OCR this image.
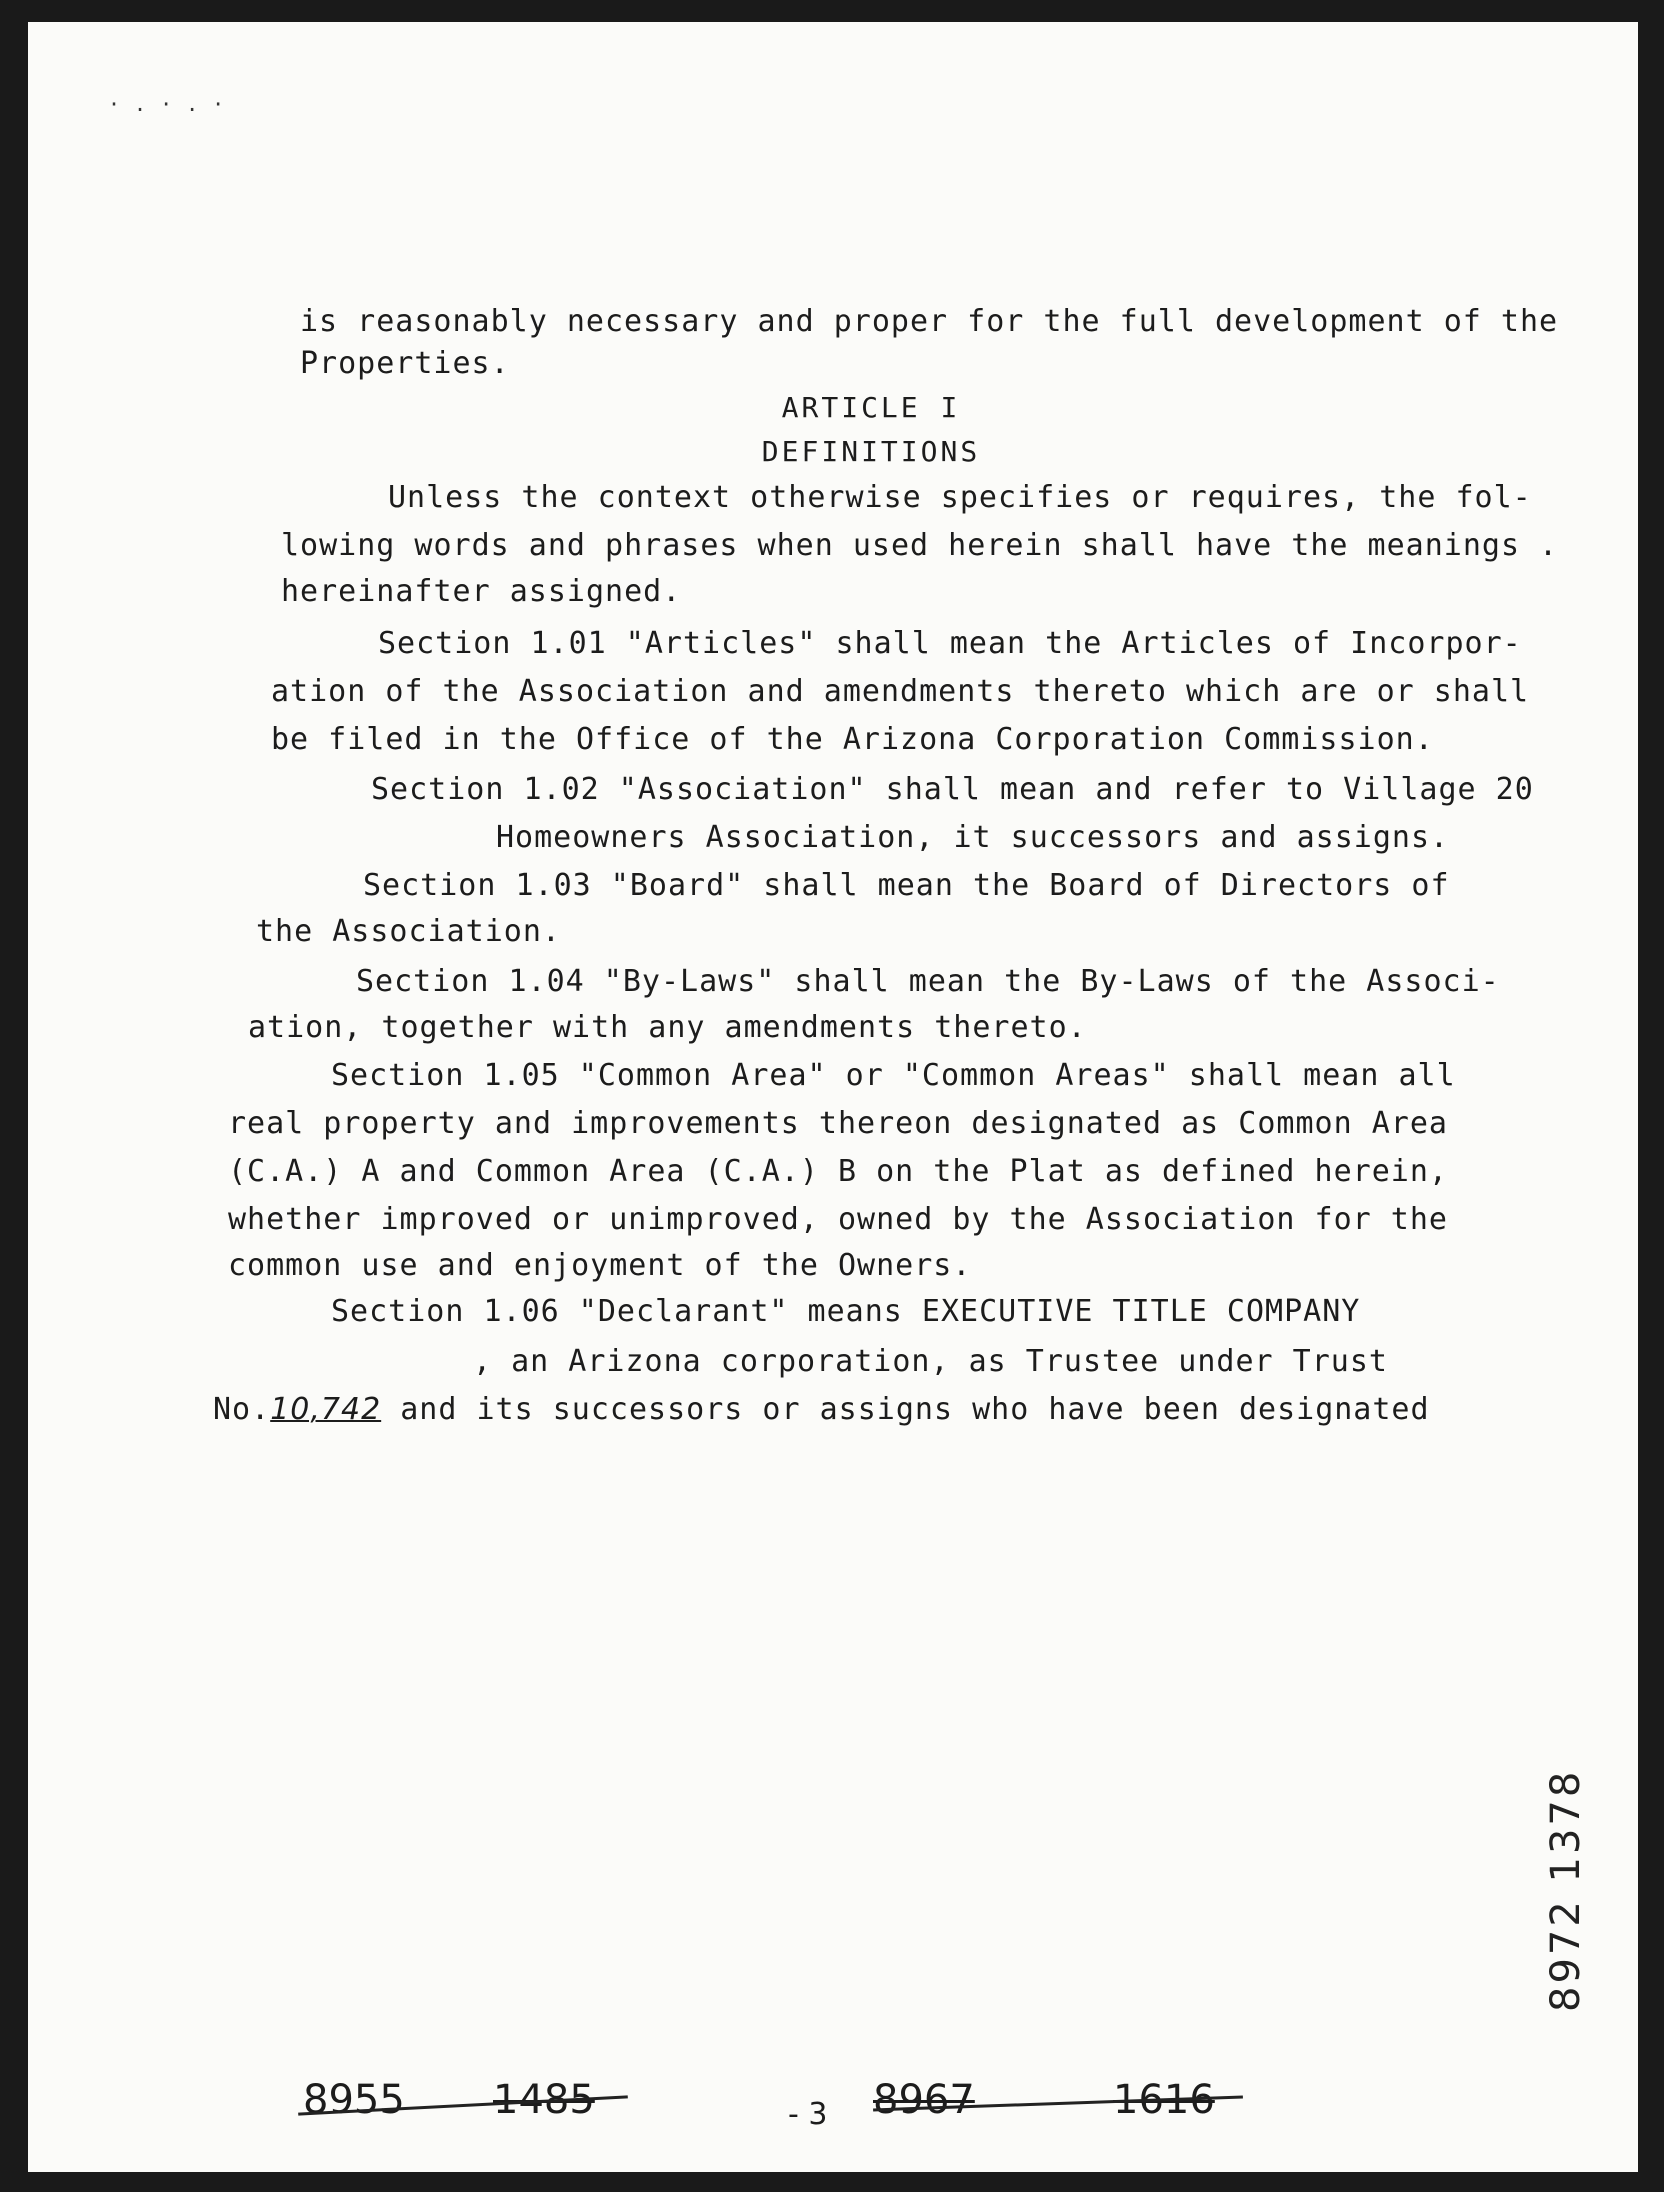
·.·.·
is reasonably necessary and proper for the full development of the
Properties.
ARTICLE I
DEFINITIONS
Unless the context otherwise specifies or requires, the fol-
lowing words and phrases when used herein shall have the meanings .
hereinafter assigned.
Section 1.01 "Articles" shall mean the Articles of Incorpor-
ation of the Association and amendments thereto which are or shall
be filed in the Office of the Arizona Corporation Commission.
Section 1.02 "Association" shall mean and refer to Village 20
Homeowners Association, it successors and assigns.
Section 1.03 "Board" shall mean the Board of Directors of
the Association.
Section 1.04 "By-Laws" shall mean the By-Laws of the Associ-
ation, together with any amendments thereto.
Section 1.05 "Common Area" or "Common Areas" shall mean all
real property and improvements thereon designated as Common Area
(C.A.) A and Common Area (C.A.) B on the Plat as defined herein,
whether improved or unimproved, owned by the Association for the
common use and enjoyment of the Owners.
Section 1.06 "Declarant" means EXECUTIVE TITLE COMPANY
, an Arizona corporation, as Trustee under Trust
No.10,742 and its successors or assigns who have been designated
8972 1378
8955 1485	- 3 8967	1616
